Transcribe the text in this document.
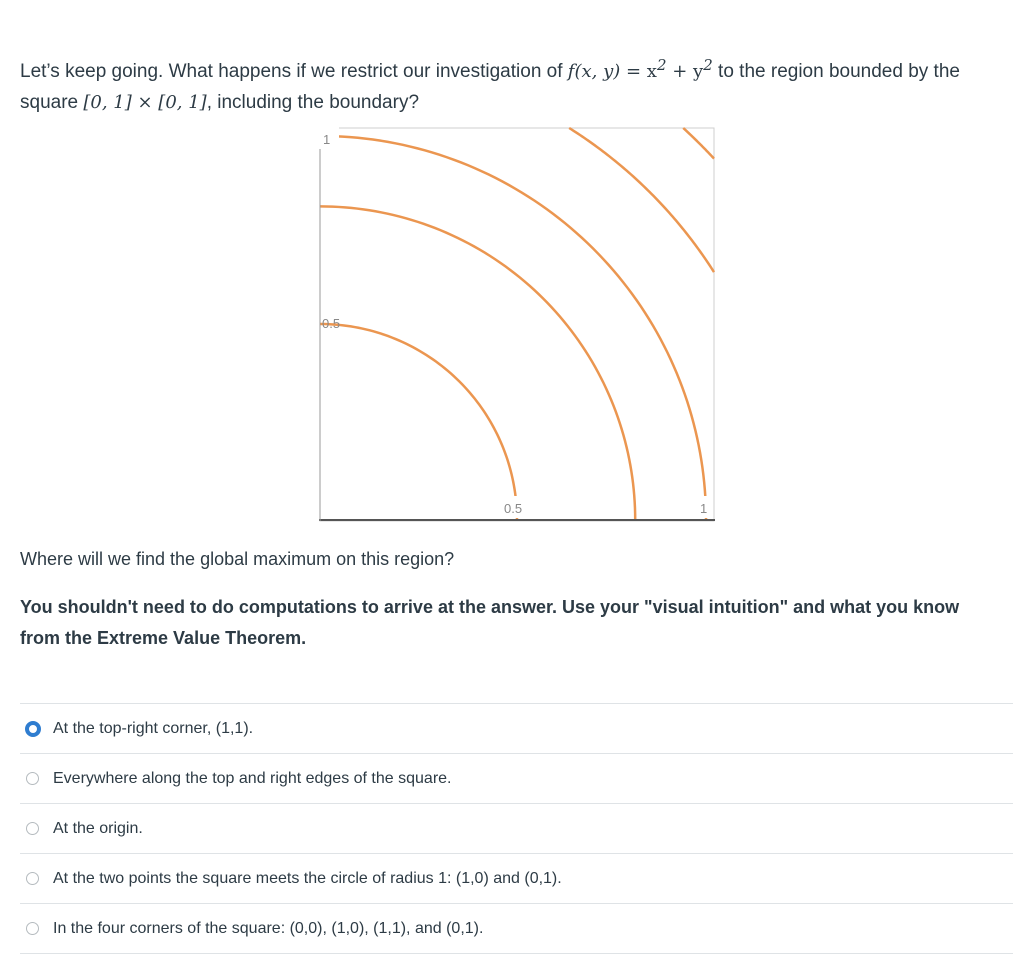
Let’s keep going. What happens if we restrict our investigation of f(x, $y) = x^2 + y^2$ to the region bounded by the square [0, 1] × [0, 1], including the boundary?
1
0.5
0.5	1
Where will we find the global maximum on this region?
You shouldn't need to do computations to arrive at the answer. Use your "visual intuition" and what you know from the Extreme Value Theorem.
At the top-right corner, (1,1).
Everywhere along the top and right edges of the square.
At the origin.
At the two points the square meets the circle of radius 1: (1,0) and (0,1).
In the four corners of the square: (0,0), (1,0), (1,1), and (0,1).
